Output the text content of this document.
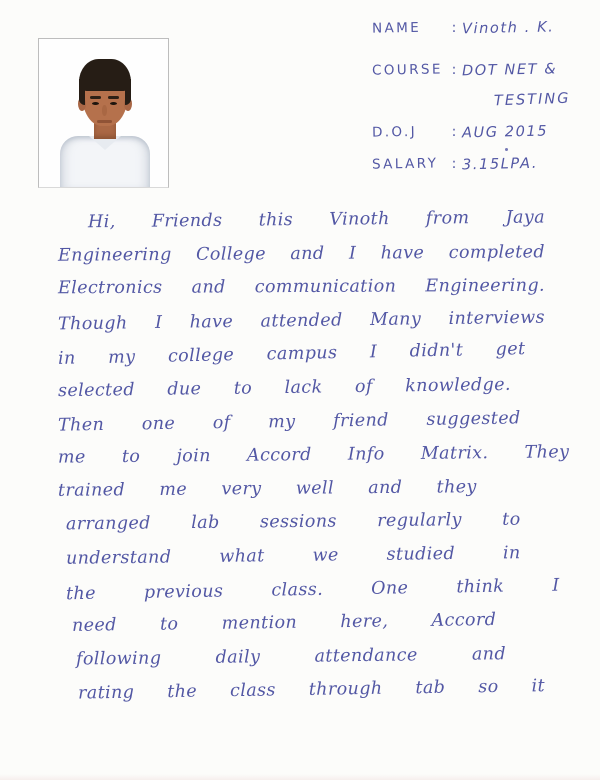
NAME	: Vinoth . K.
COURSE : DOT NET &
TESTING
D.O.J	: AUG 2015
SALARY : 3.15LPA.
Hi, Friends this Vinoth from Jaya
Engineering College and I have completed
Electronics and communication Engineering.
Though I have attended Many interviews
in my college campus I didn't get
selected due to lack of knowledge.
Then one of my friend suggested
me to join Accord Info Matrix. They
trained me very well and they
arranged lab sessions regularly to
understand what we studied in
the previous class. One think I
need to mention here, Accord
following daily attendance and
rating the class through tab so it
